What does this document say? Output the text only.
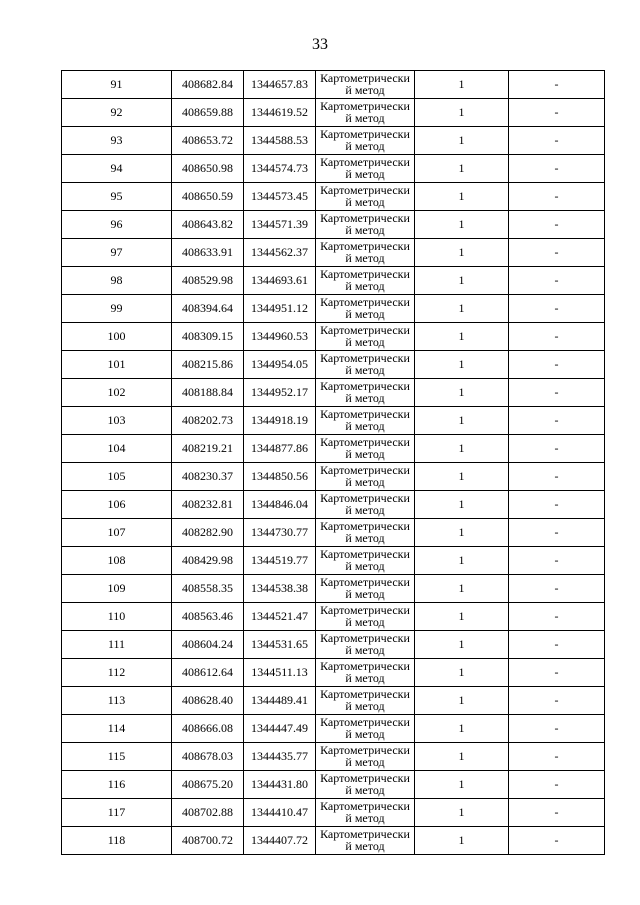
33
91	408682.84	1344657.83	Картометрически
й метод	1	-
92	408659.88	1344619.52	Картометрически
й метод	1	-
93	408653.72	1344588.53	Картометрически
й метод	1	-
94	408650.98	1344574.73	Картометрически
й метод	1	-
95	408650.59	1344573.45	Картометрически
й метод	1	-
96	408643.82	1344571.39	Картометрически
й метод	1	-
97	408633.91	1344562.37	Картометрически
й метод	1	-
98	408529.98	1344693.61	Картометрически
й метод	1	-
99	408394.64	1344951.12	Картометрически
й метод	1	-
100	408309.15	1344960.53	Картометрически
й метод	1	-
101	408215.86	1344954.05	Картометрически
й метод	1	-
102	408188.84	1344952.17	Картометрически
й метод	1	-
103	408202.73	1344918.19	Картометрически
й метод	1	-
104	408219.21	1344877.86	Картометрически
й метод	1	-
105	408230.37	1344850.56	Картометрически
й метод	1	-
106	408232.81	1344846.04	Картометрически
й метод	1	-
107	408282.90	1344730.77	Картометрически
й метод	1	-
108	408429.98	1344519.77	Картометрически
й метод	1	-
109	408558.35	1344538.38	Картометрически
й метод	1	-
110	408563.46	1344521.47	Картометрически
й метод	1	-
111	408604.24	1344531.65	Картометрически
й метод	1	-
112	408612.64	1344511.13	Картометрически
й метод	1	-
113	408628.40	1344489.41	Картометрически
й метод	1	-
114	408666.08	1344447.49	Картометрически
й метод	1	-
115	408678.03	1344435.77	Картометрически
й метод	1	-
116	408675.20	1344431.80	Картометрически
й метод	1	-
117	408702.88	1344410.47	Картометрически
й метод	1	-
118	408700.72	1344407.72	Картометрически
й метод	1	-
